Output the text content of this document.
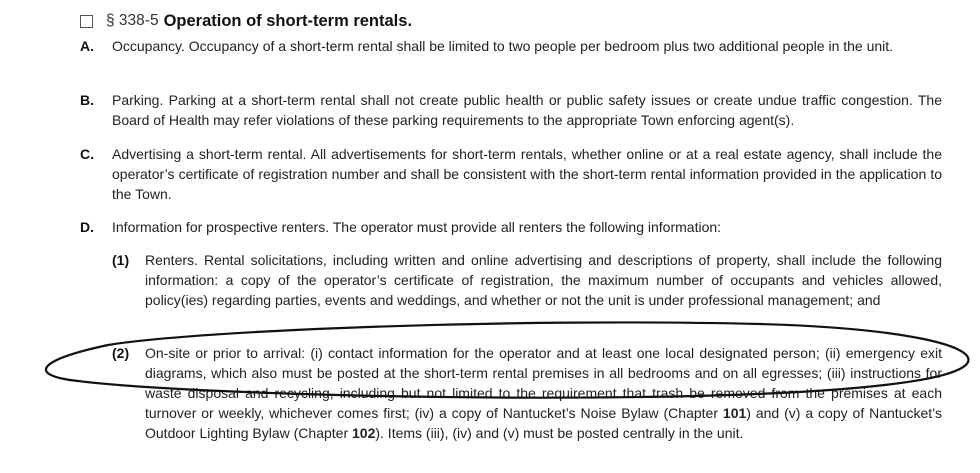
§ 338-5 Operation of short-term rentals.
A. Occupancy. Occupancy of a short-term rental shall be limited to two people per bedroom plus two additional people in the unit.
B. Parking. Parking at a short-term rental shall not create public health or public safety issues or create undue traffic congestion. The Board of Health may refer violations of these parking requirements to the appropriate Town enforcing agent(s).
C. Advertising a short-term rental. All advertisements for short-term rentals, whether online or at a real estate agency, shall include the operator’s certificate of registration number and shall be consistent with the short-term rental information provided in the application to the Town.
D. Information for prospective renters. The operator must provide all renters the following information:
(1) Renters. Rental solicitations, including written and online advertising and descriptions of property, shall include the following information: a copy of the operator’s certificate of registration, the maximum number of occupants and vehicles allowed, policy(ies) regarding parties, events and weddings, and whether or not the unit is under professional management; and
(2) On-site or prior to arrival: (i) contact information for the operator and at least one local designated person; (ii) emergency exit diagrams, which also must be posted at the short-term rental premises in all bedrooms and on all egresses; (iii) instructions for waste disposal and recycling, including but not limited to the requirement that trash be removed from the premises at each turnover or weekly, whichever comes first; (iv) a copy of Nantucket’s Noise Bylaw (Chapter 101) and (v) a copy of Nantucket’s Outdoor Lighting Bylaw (Chapter 102). Items (iii), (iv) and (v) must be posted centrally in the unit.
